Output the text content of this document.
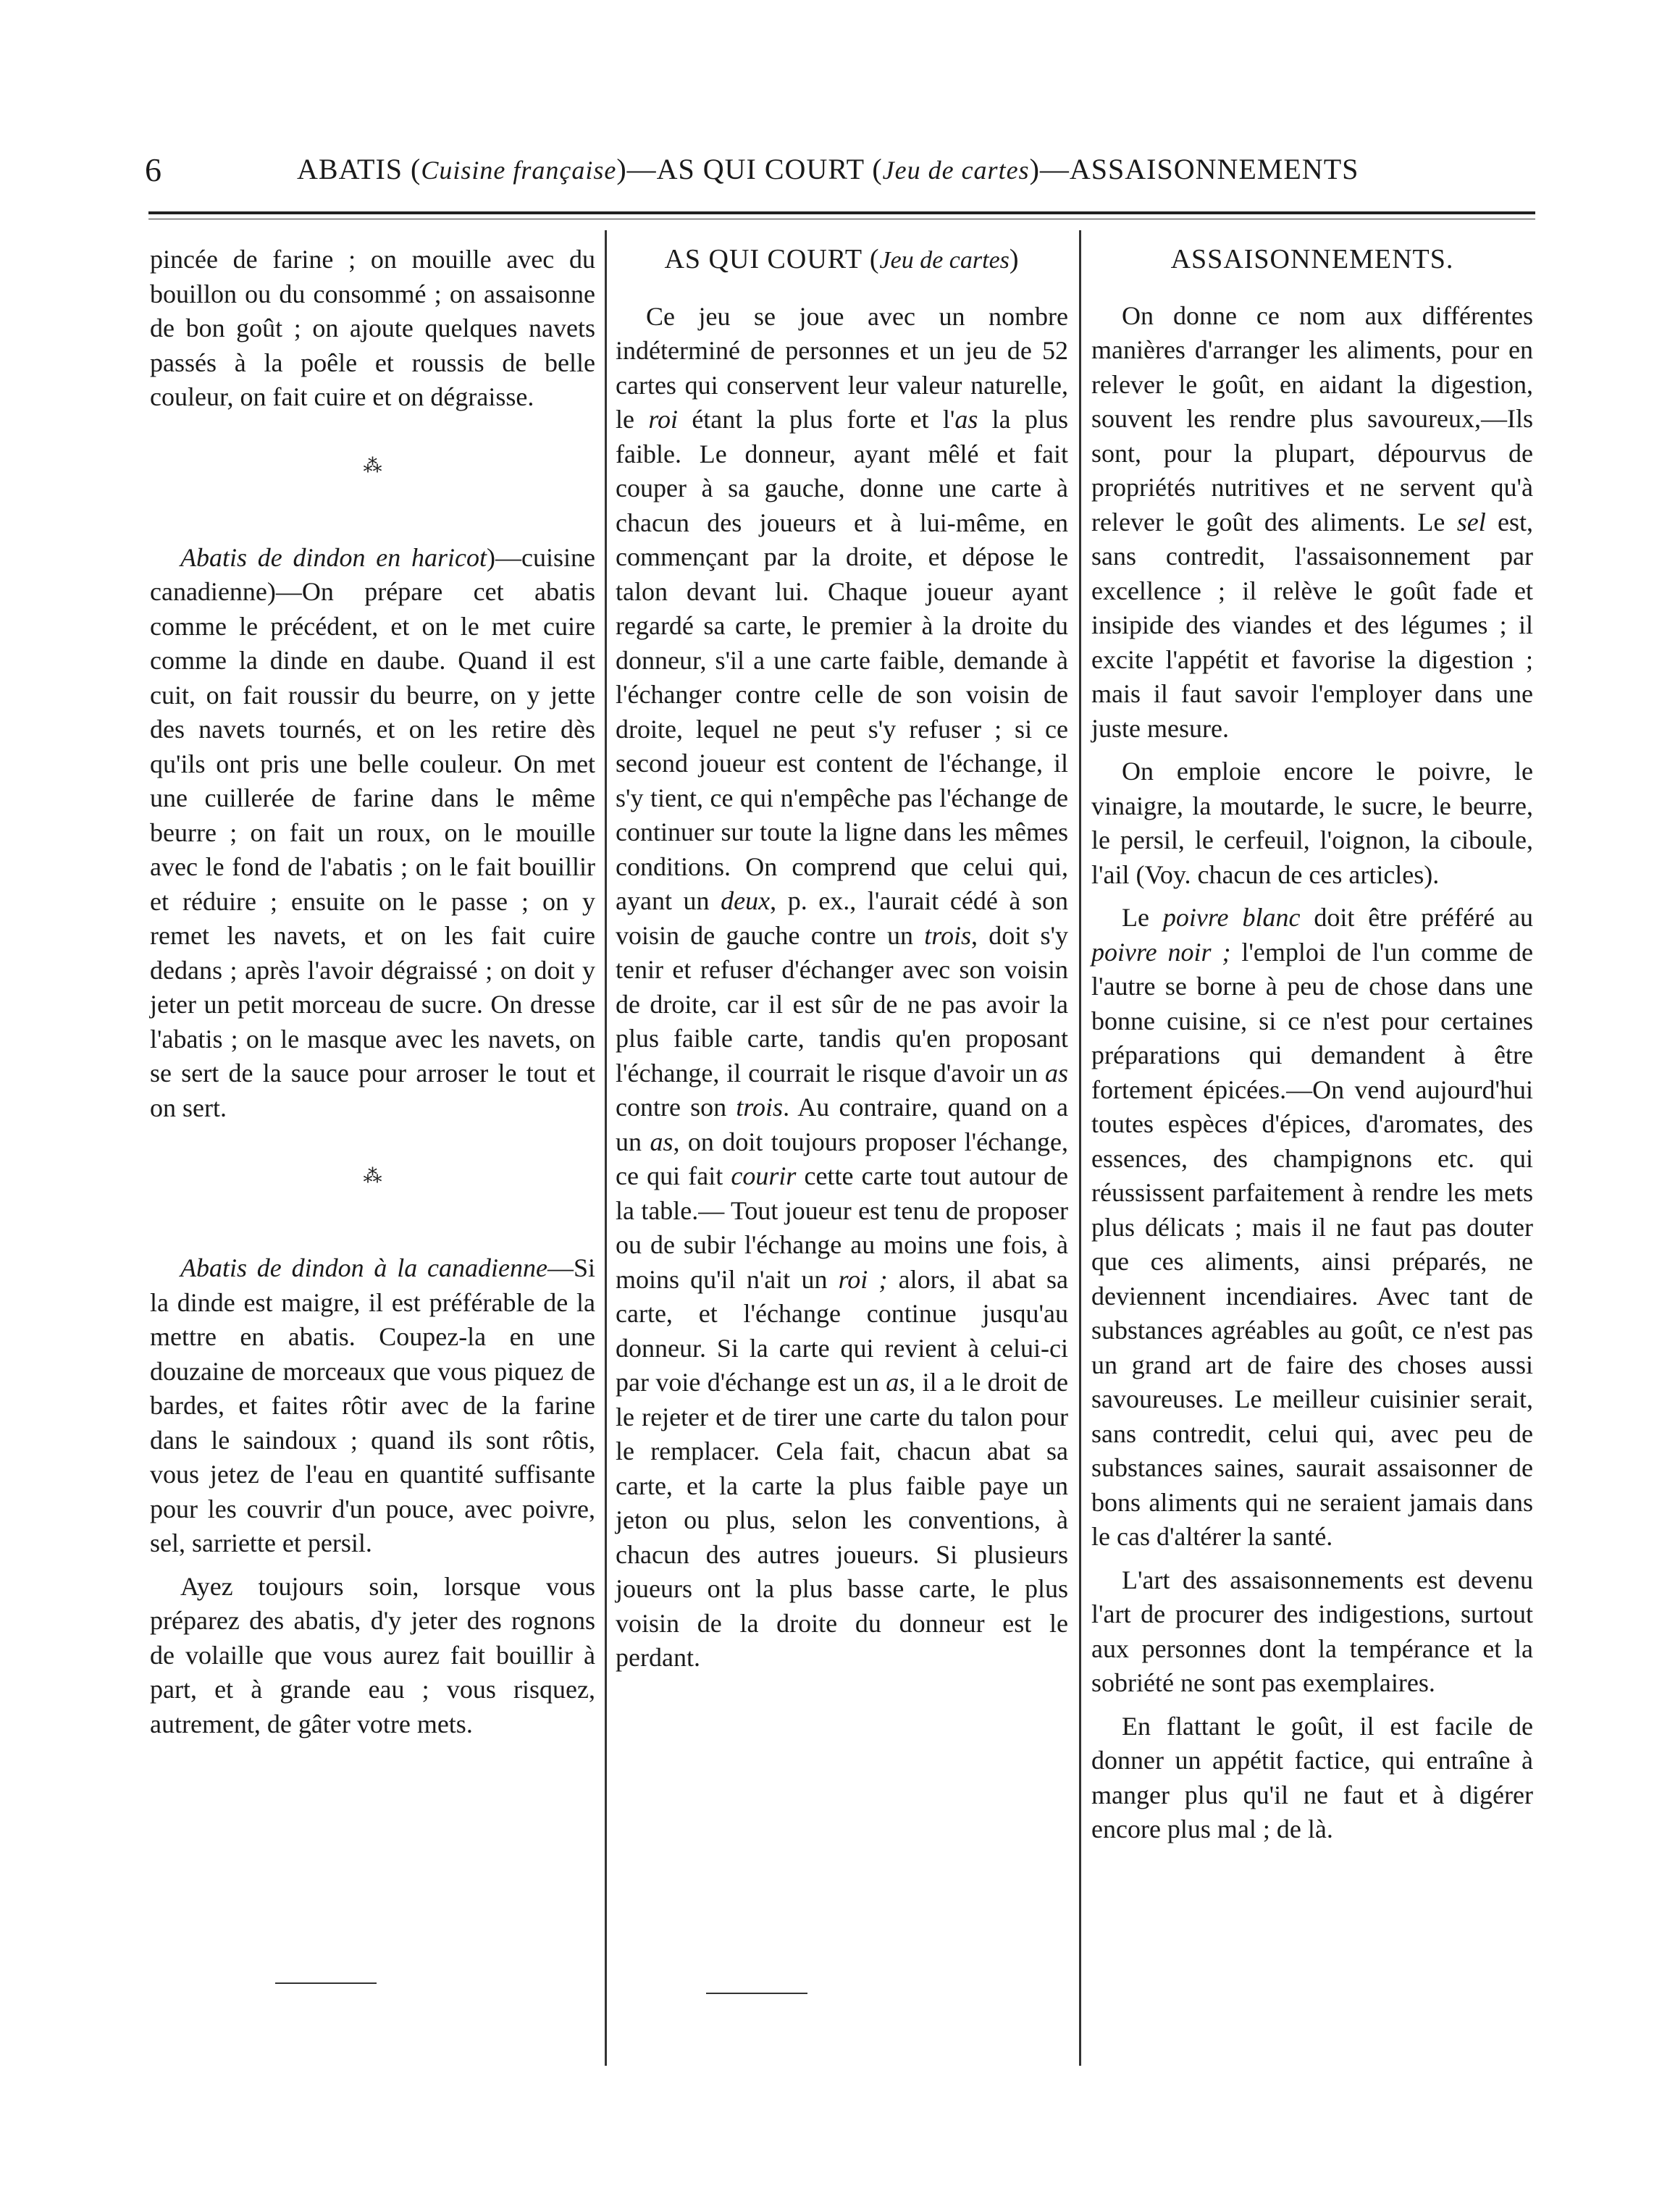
6	ABATIS (Cuisine française)—AS QUI COURT (Jeu de cartes)—ASSAISONNEMENTS

pincée de farine ; on mouille avec du bouillon ou du consommé ; on assaisonne de bon goût ; on ajoute quelques navets passés à la poêle et roussis de belle couleur, on fait cuire et on dégraisse.

⁂

Abatis de dindon en haricot)—cuisine canadienne)—On prépare cet abatis comme le précédent, et on le met cuire comme la dinde en daube. Quand il est cuit, on fait roussir du beurre, on y jette des navets tournés, et on les retire dès qu'ils ont pris une belle couleur. On met une cuillerée de farine dans le même beurre ; on fait un roux, on le mouille avec le fond de l'abatis ; on le fait bouillir et réduire ; ensuite on le passe ; on y remet les navets, et on les fait cuire dedans ; après l'avoir dégraissé ; on doit y jeter un petit morceau de sucre. On dresse l'abatis ; on le masque avec les navets, on se sert de la sauce pour arroser le tout et on sert.

⁂

Abatis de dindon à la canadienne—Si la dinde est maigre, il est préférable de la mettre en abatis. Coupez-la en une douzaine de morceaux que vous piquez de bardes, et faites rôtir avec de la farine dans le saindoux ; quand ils sont rôtis, vous jetez de l'eau en quantité suffisante pour les couvrir d'un pouce, avec poivre, sel, sarriette et persil.

Ayez toujours soin, lorsque vous préparez des abatis, d'y jeter des rognons de volaille que vous aurez fait bouillir à part, et à grande eau ; vous risquez, autrement, de gâter votre mets.

AS QUI COURT (Jeu de cartes)

Ce jeu se joue avec un nombre indéterminé de personnes et un jeu de 52 cartes qui conservent leur valeur naturelle, le roi étant la plus forte et l'as la plus faible. Le donneur, ayant mêlé et fait couper à sa gauche, donne une carte à chacun des joueurs et à lui-même, en commençant par la droite, et dépose le talon devant lui. Chaque joueur ayant regardé sa carte, le premier à la droite du donneur, s'il a une carte faible, demande à l'échanger contre celle de son voisin de droite, lequel ne peut s'y refuser ; si ce second joueur est content de l'échange, il s'y tient, ce qui n'empêche pas l'échange de continuer sur toute la ligne dans les mêmes conditions. On comprend que celui qui, ayant un deux, p. ex., l'aurait cédé à son voisin de gauche contre un trois, doit s'y tenir et refuser d'échanger avec son voisin de droite, car il est sûr de ne pas avoir la plus faible carte, tandis qu'en proposant l'échange, il courrait le risque d'avoir un as contre son trois. Au contraire, quand on a un as, on doit toujours proposer l'échange, ce qui fait courir cette carte tout autour de la table.— Tout joueur est tenu de proposer ou de subir l'échange au moins une fois, à moins qu'il n'ait un roi ; alors, il abat sa carte, et l'échange continue jusqu'au donneur. Si la carte qui revient à celui-ci par voie d'échange est un as, il a le droit de le rejeter et de tirer une carte du talon pour le remplacer. Cela fait, chacun abat sa carte, et la carte la plus faible paye un jeton ou plus, selon les conventions, à chacun des autres joueurs. Si plusieurs joueurs ont la plus basse carte, le plus voisin de la droite du donneur est le perdant.

ASSAISONNEMENTS.

On donne ce nom aux différentes manières d'arranger les aliments, pour en relever le goût, en aidant la digestion, souvent les rendre plus savoureux,—Ils sont, pour la plupart, dépourvus de propriétés nutritives et ne servent qu'à relever le goût des aliments. Le sel est, sans contredit, l'assaisonnement par excellence ; il relève le goût fade et insipide des viandes et des légumes ; il excite l'appétit et favorise la digestion ; mais il faut savoir l'employer dans une juste mesure.

On emploie encore le poivre, le vinaigre, la moutarde, le sucre, le beurre, le persil, le cerfeuil, l'oignon, la ciboule, l'ail (Voy. chacun de ces articles).

Le poivre blanc doit être préféré au poivre noir ; l'emploi de l'un comme de l'autre se borne à peu de chose dans une bonne cuisine, si ce n'est pour certaines préparations qui demandent à être fortement épicées.—On vend aujourd'hui toutes espèces d'épices, d'aromates, des essences, des champignons etc. qui réussissent parfaitement à rendre les mets plus délicats ; mais il ne faut pas douter que ces aliments, ainsi préparés, ne deviennent incendiaires. Avec tant de substances agréables au goût, ce n'est pas un grand art de faire des choses aussi savoureuses. Le meilleur cuisinier serait, sans contredit, celui qui, avec peu de substances saines, saurait assaisonner de bons aliments qui ne seraient jamais dans le cas d'altérer la santé.

L'art des assaisonnements est devenu l'art de procurer des indigestions, surtout aux personnes dont la tempérance et la sobriété ne sont pas exemplaires.

En flattant le goût, il est facile de donner un appétit factice, qui entraîne à manger plus qu'il ne faut et à digérer encore plus mal ; de là.
